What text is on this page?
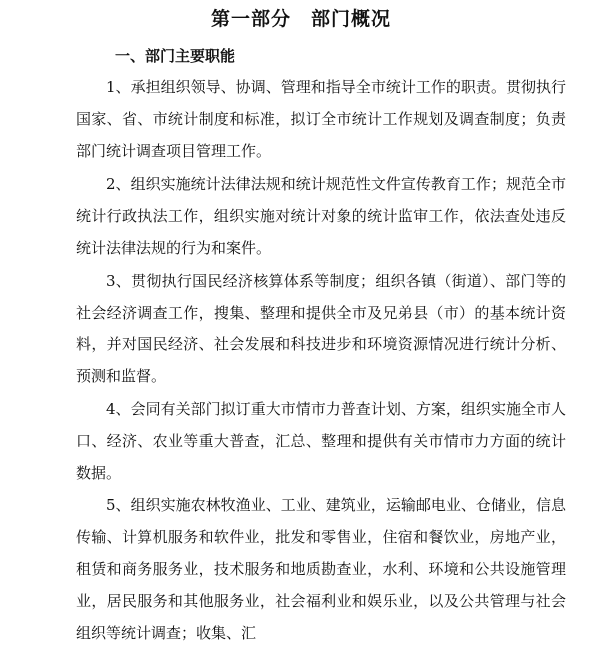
第一部分　部门概况
一、部门主要职能

1、承担组织领导、协调、管理和指导全市统计工作的职责。贯彻执行国家、省、市统计制度和标准，拟订全市统计工作规划及调查制度；负责部门统计调查项目管理工作。

2、组织实施统计法律法规和统计规范性文件宣传教育工作；规范全市统计行政执法工作，组织实施对统计对象的统计监审工作，依法查处违反统计法律法规的行为和案件。

3、贯彻执行国民经济核算体系等制度；组织各镇（街道）、部门等的社会经济调查工作，搜集、整理和提供全市及兄弟县（市）的基本统计资料，并对国民经济、社会发展和科技进步和环境资源情况进行统计分析、预测和监督。

4、会同有关部门拟订重大市情市力普查计划、方案，组织实施全市人口、经济、农业等重大普查，汇总、整理和提供有关市情市力方面的统计数据。

5、组织实施农林牧渔业、工业、建筑业，运输邮电业、仓储业，信息传输、计算机服务和软件业，批发和零售业，住宿和餐饮业，房地产业，租赁和商务服务业，技术服务和地质勘查业，水利、环境和公共设施管理业，居民服务和其他服务业，社会福利业和娱乐业，以及公共管理与社会组织等统计调查；收集、汇
